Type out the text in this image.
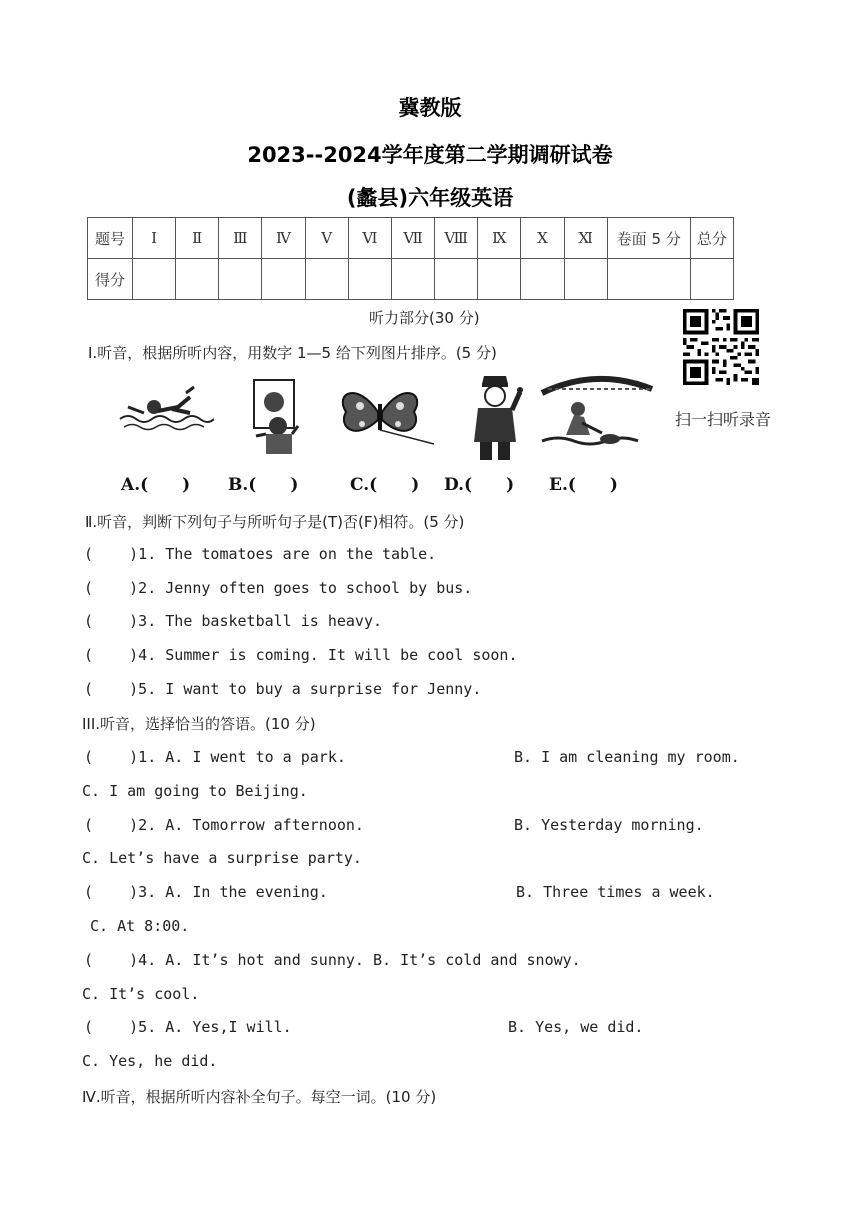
冀教版
2023--2024学年度第二学期调研试卷
(蠡县)六年级英语
题号	Ⅰ	Ⅱ	Ⅲ	Ⅳ	Ⅴ	Ⅵ	Ⅶ	Ⅷ	Ⅸ	Ⅹ	Ⅺ	卷面 5 分	总分
得分													
听力部分(30 分)
扫一扫听录音
Ⅰ.听音，根据所听内容，用数字 1—5 给下列图片排序。(5 分)
A.(　　) B.(　　)	C.(　　) D.(　　) E.(　　)
Ⅱ.听音，判断下列句子与所听句子是(T)否(F)相符。(5 分)
(    )1. The tomatoes are on the table.
(    )2. Jenny often goes to school by bus.
(    )3. The basketball is heavy.
(    )4. Summer is coming. It will be cool soon.
(    )5. I want to buy a surprise for Jenny.
III.听音，选择恰当的答语。(10 分)
(    )1. A. I went to a park.	B. I am cleaning my room.
C. I am going to Beijing.
(    )2. A. Tomorrow afternoon.	B. Yesterday morning.
C. Let’s have a surprise party.
(    )3. A. In the evening.	B. Three times a week.
C. At 8:00.
(    )4. A. It’s hot and sunny. B. It’s cold and snowy.
C. It’s cool.
(    )5. A. Yes,I will.	B. Yes, we did.
C. Yes, he did.
Ⅳ.听音，根据所听内容补全句子。每空一词。(10 分)
